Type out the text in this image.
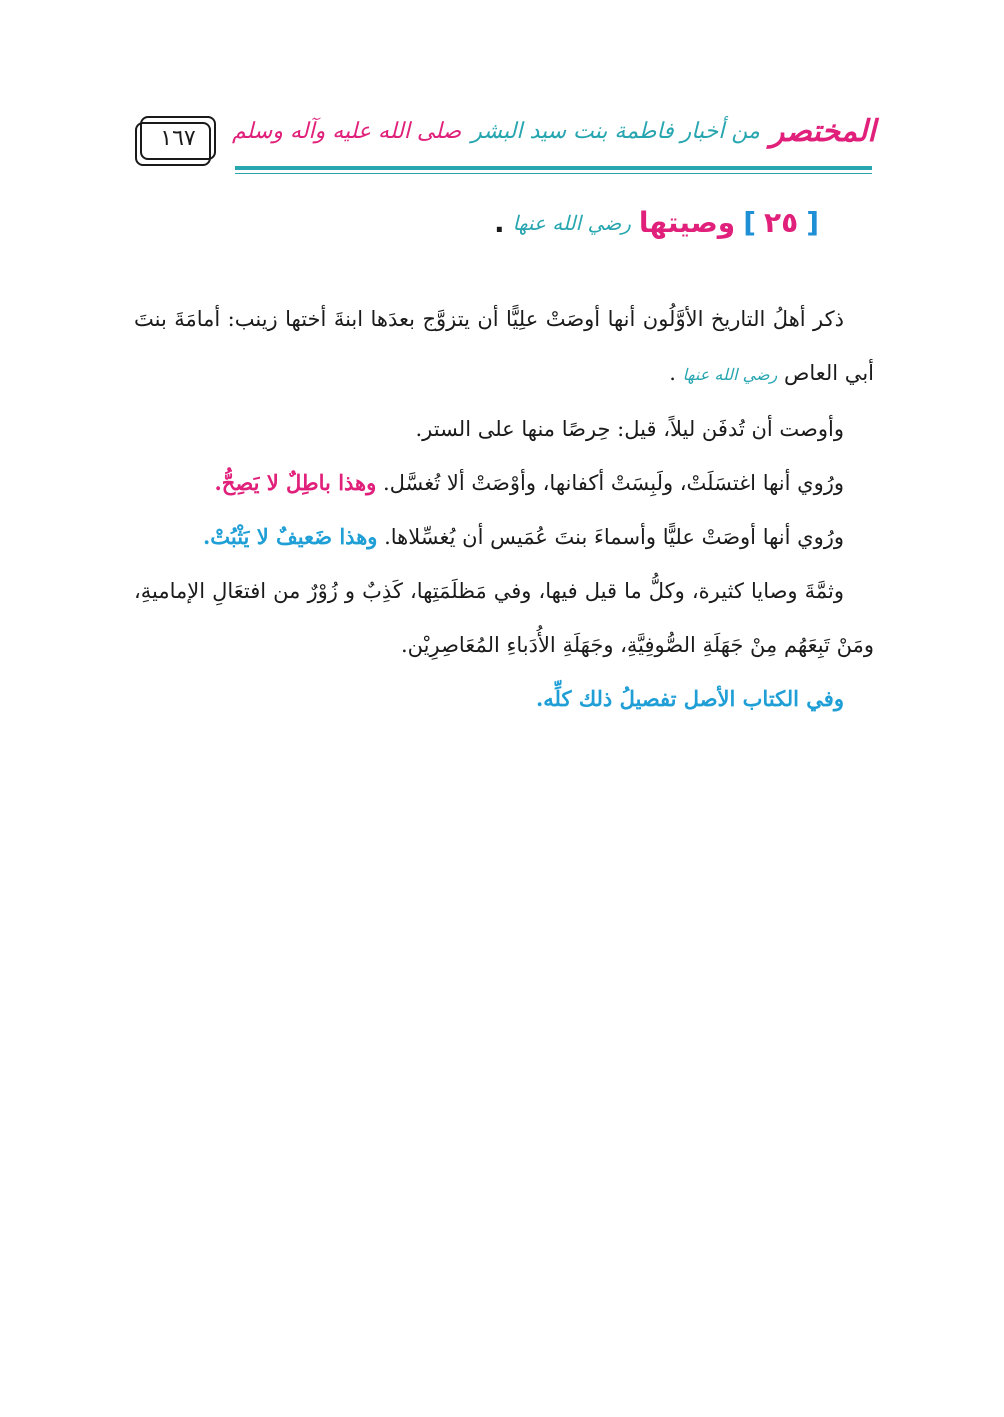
١٦٧	المختصر
من أخبار فاطمة بنت سيد البشر
صلى الله عليه وآله وسلم
[
٢٥
]
وصيتها
رضي الله عنها
.

ذكر أهلُ التاريخ الأوَّلُون أنها أوصَتْ علِيًّا أن يتزوَّج بعدَها ابنةَ أختها زينب: أمامَةَ بنتَ أبي العاص رضي الله عنها .

وأوصت أن تُدفَن ليلاً، قيل: حِرصًا منها على الستر.

ورُوي أنها اغتسَلَتْ، ولَبِسَتْ أكفانها، وأوْصَتْ ألا تُغسَّل. وهذا باطِلٌ لا يَصِحُّ.

ورُوي أنها أوصَتْ عليًّا وأسماءَ بنتَ عُمَيس أن يُغسِّلاها. وهذا ضَعيفٌ لا يَثْبُتْ.

وثمَّةَ وصايا كثيرة، وكلُّ ما قيل فيها، وفي مَظلَمَتِها، كَذِبٌ و زُوْرٌ من افتعَالِ الإماميةِ، ومَنْ تَبِعَهُم مِنْ جَهَلَةِ الصُّوفِيَّةِ، وجَهَلَةِ الأُدَباءِ المُعَاصِرِيْن.

وفي الكتاب الأصل تفصيلُ ذلك كلِّه.
